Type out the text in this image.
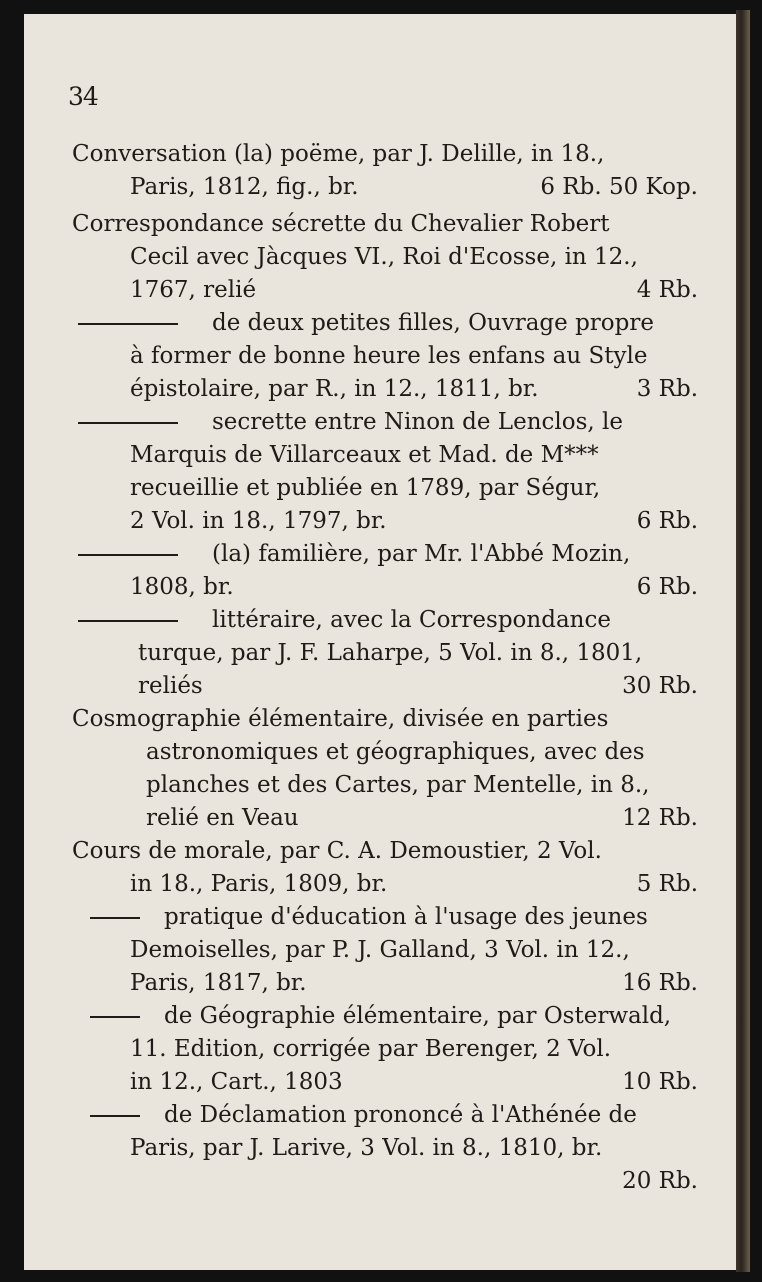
34
Conversation (la) poëme, par J. Delille, in 18.,
Paris, 1812, fig., br.	6 Rb. 50 Kop.
Correspondance sécrette du Chevalier Robert
Cecil avec Jàcques VI., Roi d'Ecosse, in 12.,
1767, relié	4 Rb.
de deux petites filles, Ouvrage propre
à former de bonne heure les enfans au Style
épistolaire, par R., in 12., 1811, br.	3 Rb.
secrette entre Ninon de Lenclos, le
Marquis de Villarceaux et Mad. de M***
recueillie et publiée en 1789, par Ségur,
2 Vol. in 18., 1797, br.	6 Rb.
(la) familière, par Mr. l'Abbé Mozin,
1808, br.	6 Rb.
littéraire, avec la Correspondance
turque, par J. F. Laharpe, 5 Vol. in 8., 1801,
reliés	30 Rb.
Cosmographie élémentaire, divisée en parties
astronomiques et géographiques, avec des
planches et des Cartes, par Mentelle, in 8.,
relié en Veau	12 Rb.
Cours de morale, par C. A. Demoustier, 2 Vol.
in 18., Paris, 1809, br.	5 Rb.
pratique d'éducation à l'usage des jeunes
Demoiselles, par P. J. Galland, 3 Vol. in 12.,
Paris, 1817, br.	16 Rb.
de Géographie élémentaire, par Osterwald,
11. Edition, corrigée par Berenger, 2 Vol.
in 12., Cart., 1803	10 Rb.
de Déclamation prononcé à l'Athénée de
Paris, par J. Larive, 3 Vol. in 8., 1810, br.
20 Rb.
